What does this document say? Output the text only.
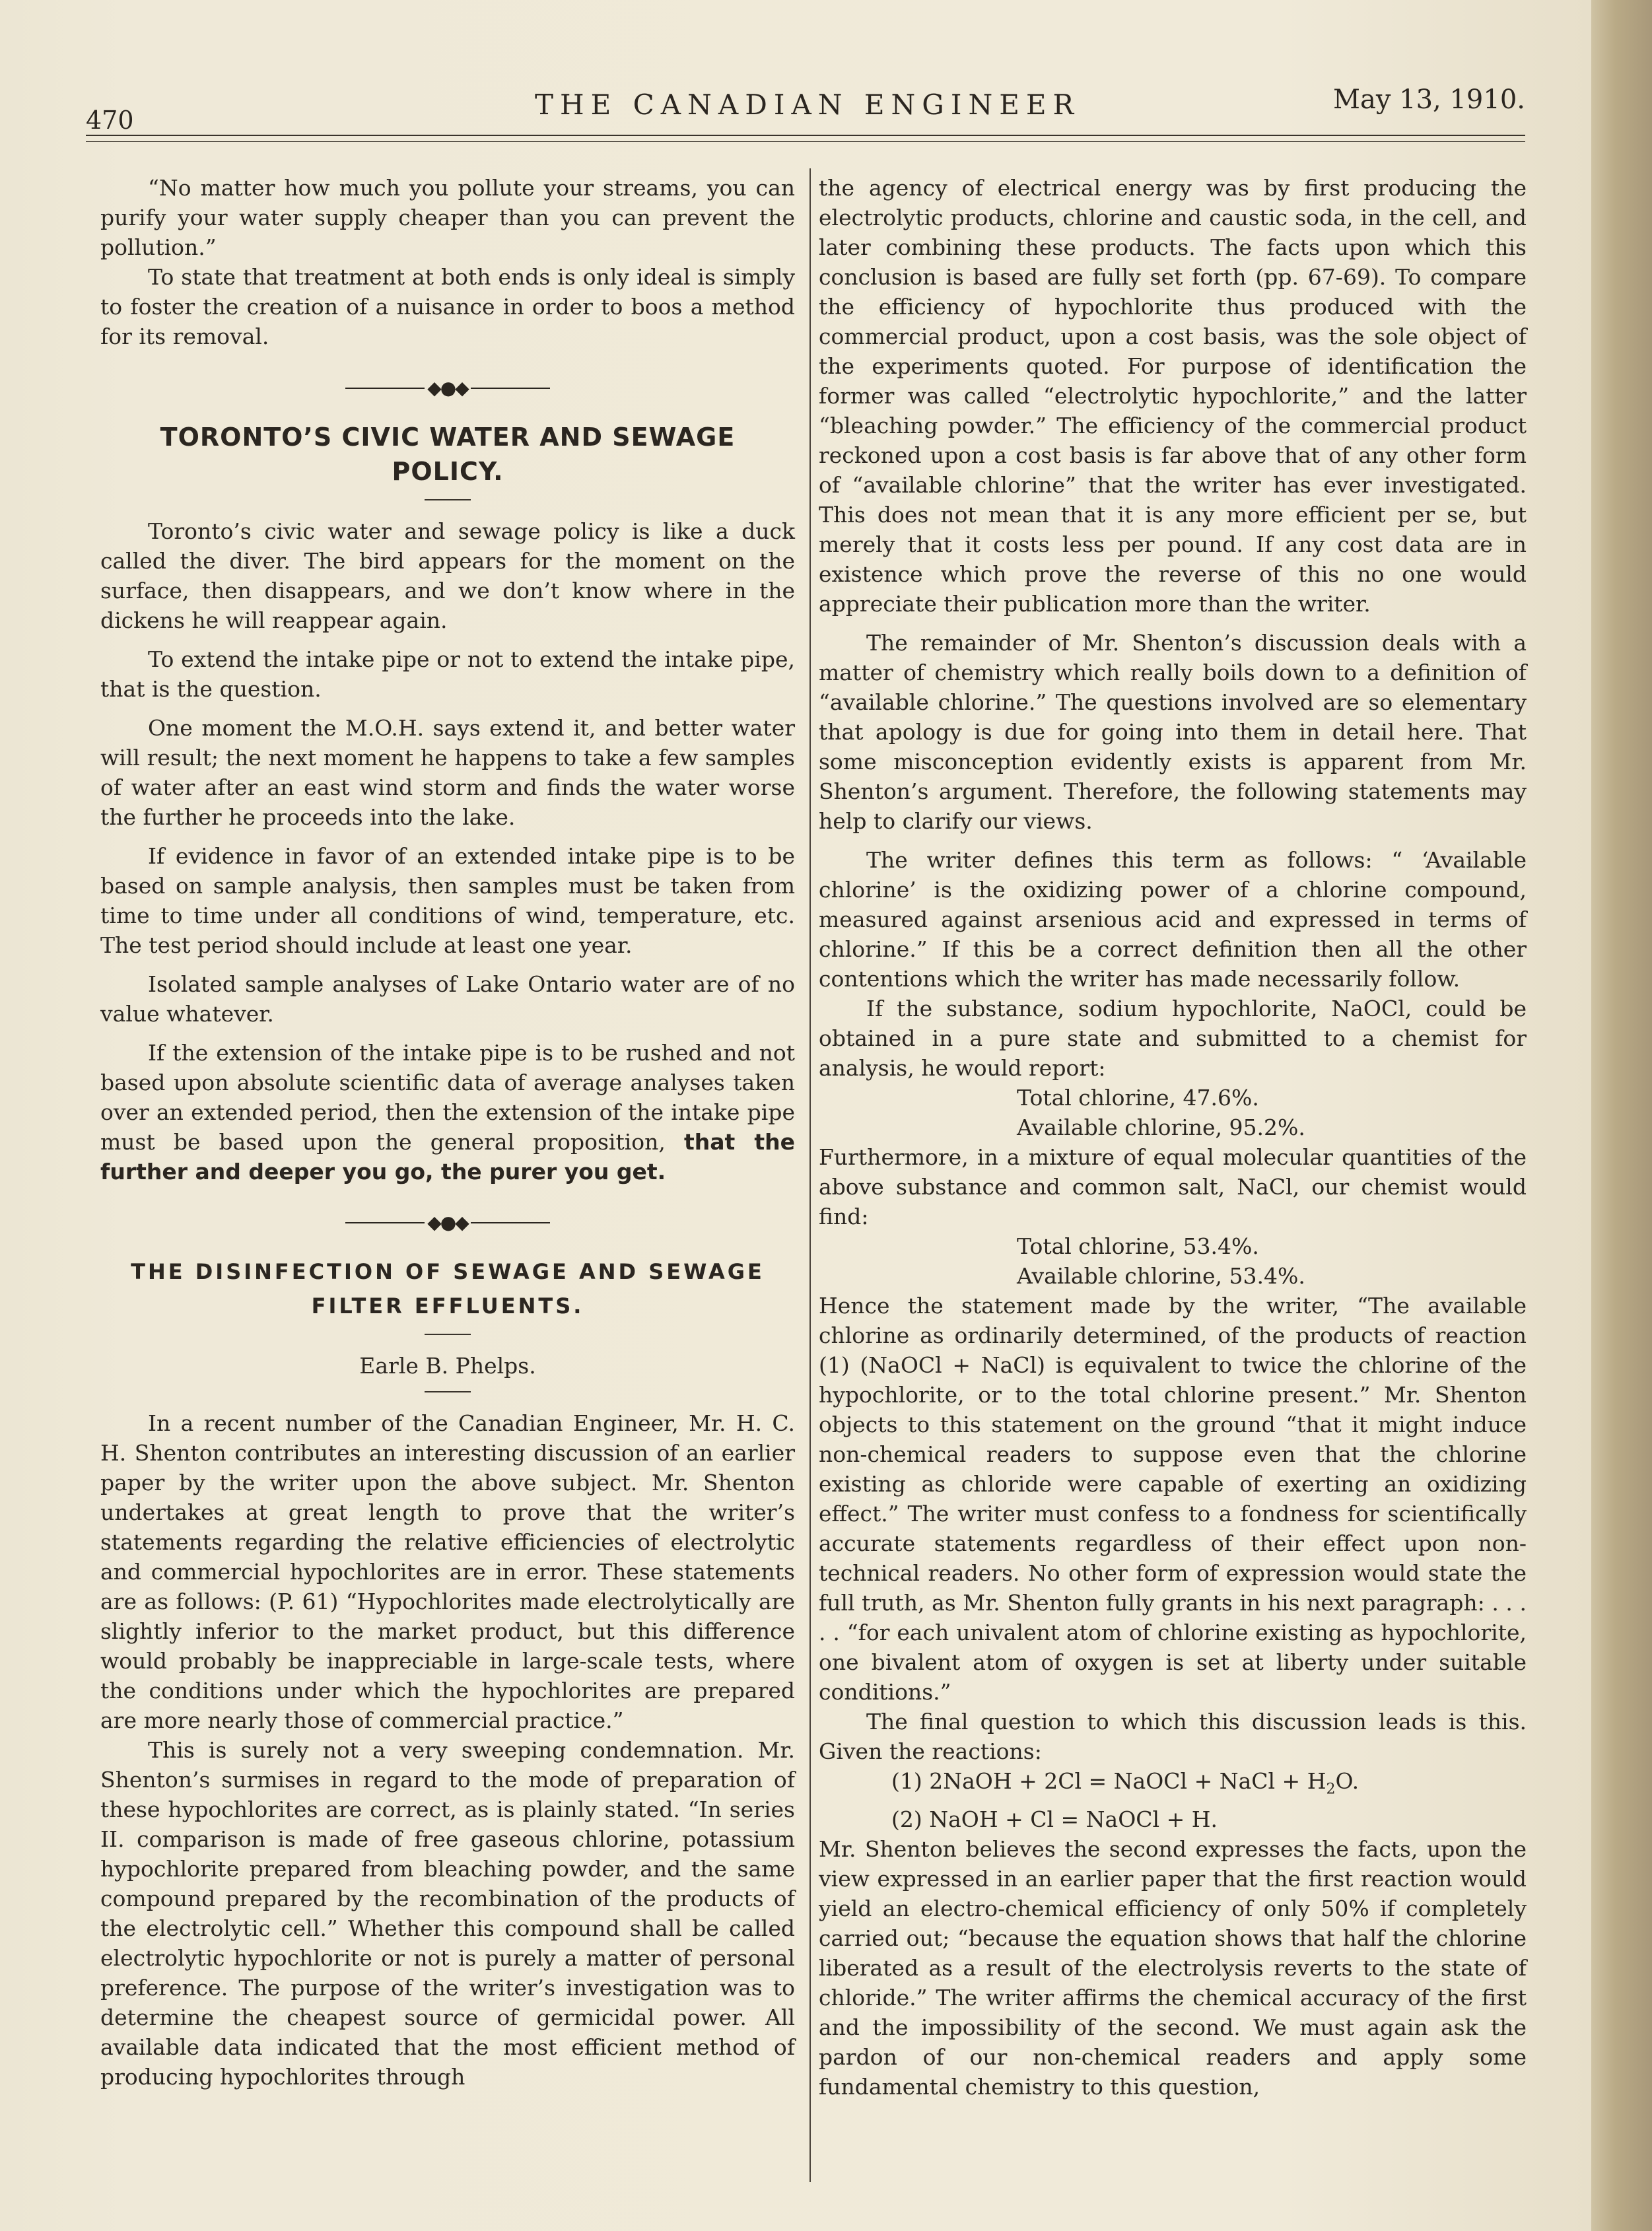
470	THE CANADIAN ENGINEER	May 13, 1910.

“No matter how much you pollute your streams, you can purify your water supply cheaper than you can prevent the pollution.”

To state that treatment at both ends is only ideal is simply to foster the creation of a nuisance in order to boos a method for its removal.

◆●◆
TORONTO’S CIVIC WATER AND SEWAGE POLICY.

Toronto’s civic water and sewage policy is like a duck called the diver. The bird appears for the moment on the surface, then disappears, and we don’t know where in the dickens he will reappear again.

To extend the intake pipe or not to extend the intake pipe, that is the question.

One moment the M.O.H. says extend it, and better water will result; the next moment he happens to take a few samples of water after an east wind storm and finds the water worse the further he proceeds into the lake.

If evidence in favor of an extended intake pipe is to be based on sample analysis, then samples must be taken from time to time under all conditions of wind, temperature, etc. The test period should include at least one year.

Isolated sample analyses of Lake Ontario water are of no value whatever.

If the extension of the intake pipe is to be rushed and not based upon absolute scientific data of average analyses taken over an extended period, then the extension of the intake pipe must be based upon the general proposition, that the further and deeper you go, the purer you get.

◆●◆
THE DISINFECTION OF SEWAGE AND SEWAGE
FILTER EFFLUENTS.

Earle B. Phelps.

In a recent number of the Canadian Engineer, Mr. H. C. H. Shenton contributes an interesting discussion of an earlier paper by the writer upon the above subject. Mr. Shenton undertakes at great length to prove that the writer’s statements regarding the relative efficiencies of electrolytic and commercial hypochlorites are in error. These statements are as follows: (P. 61) “Hypochlorites made electrolytically are slightly inferior to the market product, but this difference would probably be inappreciable in large-scale tests, where the conditions under which the hypochlorites are prepared are more nearly those of commercial practice.”

This is surely not a very sweeping condemnation. Mr. Shenton’s surmises in regard to the mode of preparation of these hypochlorites are correct, as is plainly stated. “In series II. comparison is made of free gaseous chlorine, potassium hypochlorite prepared from bleaching powder, and the same compound prepared by the recombination of the products of the electrolytic cell.” Whether this compound shall be called electrolytic hypochlorite or not is purely a matter of personal preference. The purpose of the writer’s investigation was to determine the cheapest source of germicidal power. All available data indicated that the most efficient method of producing hypochlorites through

the agency of electrical energy was by first producing the electrolytic products, chlorine and caustic soda, in the cell, and later combining these products. The facts upon which this conclusion is based are fully set forth (pp. 67-69). To compare the efficiency of hypochlorite thus produced with the commercial product, upon a cost basis, was the sole object of the experiments quoted. For purpose of identification the former was called “electrolytic hypochlorite,” and the latter “bleaching powder.” The efficiency of the commercial product reckoned upon a cost basis is far above that of any other form of “available chlorine” that the writer has ever investigated. This does not mean that it is any more efficient per se, but merely that it costs less per pound. If any cost data are in existence which prove the reverse of this no one would appreciate their publication more than the writer.

The remainder of Mr. Shenton’s discussion deals with a matter of chemistry which really boils down to a definition of “available chlorine.” The questions involved are so elementary that apology is due for going into them in detail here. That some misconception evidently exists is apparent from Mr. Shenton’s argument. Therefore, the following statements may help to clarify our views.

The writer defines this term as follows: “ ‘Available chlorine’ is the oxidizing power of a chlorine compound, measured against arsenious acid and expressed in terms of chlorine.” If this be a correct definition then all the other contentions which the writer has made necessarily follow.

If the substance, sodium hypochlorite, NaOCl, could be obtained in a pure state and submitted to a chemist for analysis, he would report:

Total chlorine, 47.6%.

Available chlorine, 95.2%.

Furthermore, in a mixture of equal molecular quantities of the above substance and common salt, NaCl, our chemist would find:

Total chlorine, 53.4%.

Available chlorine, 53.4%.

Hence the statement made by the writer, “The available chlorine as ordinarily determined, of the products of reaction (1) (NaOCl + NaCl) is equivalent to twice the chlorine of the hypochlorite, or to the total chlorine present.” Mr. Shenton objects to this statement on the ground “that it might induce non-chemical readers to suppose even that the chlorine existing as chloride were capable of exerting an oxidizing effect.” The writer must confess to a fondness for scientifically accurate statements regardless of their effect upon non-technical readers. No other form of expression would state the full truth, as Mr. Shenton fully grants in his next paragraph: . . . . . “for each univalent atom of chlorine existing as hypochlorite, one bivalent atom of oxygen is set at liberty under suitable conditions.”

The final question to which this discussion leads is this. Given the reactions:

(1) 2NaOH + 2Cl = NaOCl + NaCl + $H_2O$.

(2) NaOH + Cl = NaOCl + H.

Mr. Shenton believes the second expresses the facts, upon the view expressed in an earlier paper that the first reaction would yield an electro-chemical efficiency of only 50% if completely carried out; “because the equation shows that half the chlorine liberated as a result of the electrolysis reverts to the state of chloride.” The writer affirms the chemical accuracy of the first and the impossibility of the second. We must again ask the pardon of our non-chemical readers and apply some fundamental chemistry to this question,
